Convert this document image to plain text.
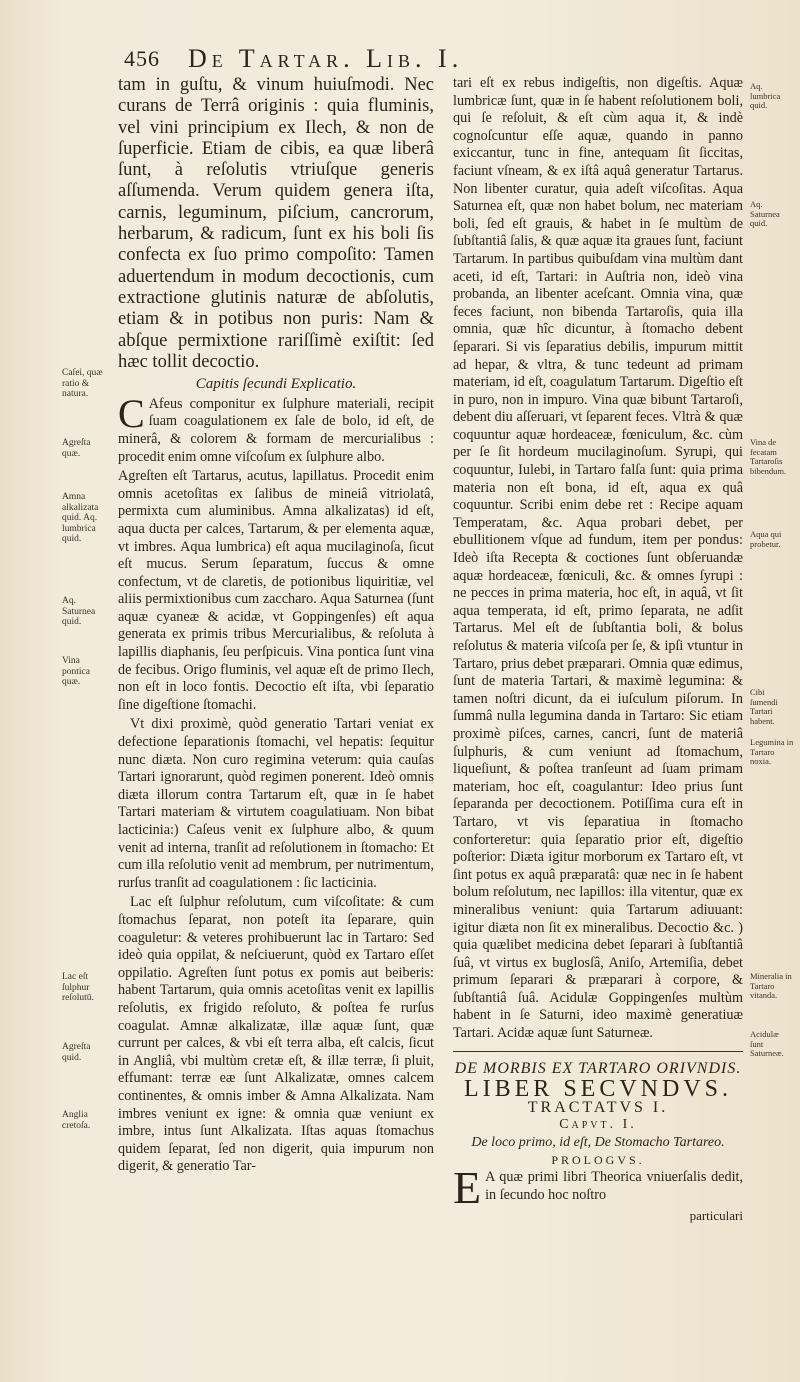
456 De Tartar. Lib. I.

tam in guſtu, & vinum huiuſmodi. Nec curans de Terrâ originis : quia fluminis, vel vini principium ex Ilech, & non de ſuperficie. Etiam de cibis, ea quæ liberâ ſunt, à reſolutis vtriuſque generis aſſumenda. Verum quidem genera iſta, carnis, leguminum, piſcium, cancrorum, herbarum, & radicum, ſunt ex his boli ſis confecta ex ſuo primo compoſito: Tamen aduertendum in modum decoctionis, cum extractione glutinis naturæ de abſolutis, etiam & in potibus non puris: Nam & abſque permixtione rariſſimè exiſtit: ſed hæc tollit decoctio.

Capitis ſecundi Explicatio.

C Afeus componitur ex ſulphure materiali, recipit ſuam coagulationem ex ſale de bolo, id eſt, de minerâ, & colorem & formam de mercurialibus : procedit enim omne viſcoſum ex ſulphure albo.

Agreſten eſt Tartarus, acutus, lapillatus. Procedit enim omnis acetoſitas ex ſalibus de mineiâ vitriolatâ, permixta cum aluminibus. Amna alkalizatas) id eſt, aqua ducta per calces, Tartarum, & per elementa aquæ, vt imbres. Aqua lumbrica) eſt aqua mucilaginoſa, ſicut eſt mucus. Serum ſeparatum, ſuccus & omne confectum, vt de claretis, de potionibus liquiritiæ, vel aliis permixtionibus cum zaccharo. Aqua Saturnea (ſunt aquæ cyaneæ & acidæ, vt Goppingenſes) eſt aqua generata ex primis tribus Mercurialibus, & reſoluta à lapillis diaphanis, ſeu perſpicuis. Vina pontica ſunt vina de fecibus. Origo fluminis, vel aquæ eſt de primo Ilech, non eſt in loco fontis. Decoctio eſt iſta, vbi ſeparatio ſine digeſtione ſtomachi.

Vt dixi proximè, quòd generatio Tartari veniat ex defectione ſeparationis ſtomachi, vel hepatis: ſequitur nunc diæta. Non curo regimina veterum: quia cauſas Tartari ignorarunt, quòd regimen ponerent. Ideò omnis diæta illorum contra Tartarum eſt, quæ in ſe habet Tartari materiam & virtutem coagulatiuam. Non bibat lacticinia:) Caſeus venit ex ſulphure albo, & quum venit ad interna, tranſit ad reſolutionem in ſtomacho: Et cum illa reſolutio venit ad membrum, per nutrimentum, rurſus tranſit ad coagulationem : ſic lacticinia.

Lac eſt ſulphur reſolutum, cum viſcoſitate: & cum ſtomachus ſeparat, non poteſt ita ſeparare, quin coaguletur: & veteres prohibuerunt lac in Tartaro: Sed ideò quia oppilat, & neſciuerunt, quòd ex Tartaro eſſet oppilatio. Agreſten ſunt potus ex pomis aut beiberis: habent Tartarum, quia omnis acetoſitas venit ex lapillis reſolutis, ex frigido reſoluto, & poſtea fe rurſus coagulat. Amnæ alkalizatæ, illæ aquæ ſunt, quæ currunt per calces, & vbi eſt terra alba, eſt calcis, ſicut in Angliâ, vbi multùm cretæ eſt, & illæ terræ, ſi pluit, effumant: terræ eæ ſunt Alkalizatæ, omnes calcem continentes, & omnis imber & Amna Alkalizata. Nam imbres veniunt ex igne: & omnia quæ veniunt ex imbre, intus ſunt Alkalizata. Iſtas aquas ſtomachus quidem ſeparat, ſed non digerit, quia impurum non digerit, & generatio Tar-

Caſei, quæ ratio & natura.
Agreſta quæ.
Amna alkalizata quid. Aq. lumbrica quid.
Aq. Saturnea quid.
Vina pontica quæ.
Lac eſt ſulphur reſolutū.
Agreſta quid.
Anglia cretoſa.

tari eſt ex rebus indigeſtis, non digeſtis. Aquæ lumbricæ ſunt, quæ in ſe habent reſolutionem boli, qui ſe reſoluit, & eſt cùm aqua it, & indè cognoſcuntur eſſe aquæ, quando in panno exiccantur, tunc in fine, antequam ſit ſiccitas, faciunt vſneam, & ex iſtâ aquâ generatur Tartarus. Non libenter curatur, quia adeſt viſcoſitas. Aqua Saturnea eſt, quæ non habet bolum, nec materiam boli, ſed eſt grauis, & habet in ſe multùm de ſubſtantiâ ſalis, & quæ aquæ ita graues ſunt, faciunt Tartarum. In partibus quibuſdam vina multùm dant aceti, id eſt, Tartari: in Auſtria non, ideò vina probanda, an libenter aceſcant. Omnia vina, quæ feces faciunt, non bibenda Tartaroſis, quia illa omnia, quæ hîc dicuntur, à ſtomacho debent ſeparari. Si vis ſeparatius debilis, impurum mittit ad hepar, & vltra, & tunc tedeunt ad primam materiam, id eſt, coagulatum Tartarum. Digeſtio eſt in puro, non in impuro. Vina quæ bibunt Tartaroſi, debent diu aſſeruari, vt ſeparent feces. Vltrà & quæ coquuntur aquæ hordeaceæ, fœniculum, &c. cùm per ſe ſit hordeum mucilaginoſum. Syrupi, qui coquuntur, Iulebi, in Tartaro falſa ſunt: quia prima materia non eſt bona, id eſt, aqua ex quâ coquuntur. Scribi enim debe ret : Recipe aquam Temperatam, &c. Aqua probari debet, per ebullitionem vſque ad fundum, item per pondus: Ideò iſta Recepta & coctiones ſunt obſeruandæ aquæ hordeaceæ, fœniculi, &c. & omnes ſyrupi : ne pecces in prima materia, hoc eſt, in aquâ, vt ſit aqua temperata, id eſt, primo ſeparata, ne adſit Tartarus. Mel eſt de ſubſtantia boli, & bolus reſolutus & materia viſcoſa per ſe, & ipſi vtuntur in Tartaro, prius debet præparari. Omnia quæ edimus, ſunt de materia Tartari, & maximè legumina: & tamen noſtri dicunt, da ei iuſculum piſorum. In ſummâ nulla legumina danda in Tartaro: Sic etiam proximè piſces, carnes, cancri, ſunt de materiâ ſulphuris, & cum veniunt ad ſtomachum, liqueſiunt, & poſtea tranſeunt ad ſuam primam materiam, hoc eſt, coagulantur: Ideo prius ſunt ſeparanda per decoctionem. Potiſſima cura eſt in Tartaro, vt vis ſeparatiua in ſtomacho conforteretur: quia ſeparatio prior eſt, digeſtio poſterior: Diæta igitur morborum ex Tartaro eſt, vt ſint potus ex aquâ præparatâ: quæ nec in ſe habent bolum reſolutum, nec lapillos: illa vitentur, quæ ex mineralibus veniunt: quia Tartarum adiuuant: igitur diæta non ſit ex mineralibus. Decoctio &c. ) quia quælibet medicina debet ſeparari à ſubſtantiâ ſuâ, vt virtus ex buglosſâ, Aniſo, Artemiſia, debet primum ſeparari & præparari à corpore, & ſubſtantiâ ſuâ. Acidulæ Goppingenſes multùm habent in ſe Saturni, ideo maximè generatiuæ Tartari. Acidæ aquæ ſunt Saturneæ.

DE MORBIS EX TARTARO ORIVNDIS.
LIBER SECVNDVS.
TRACTATVS I.
Capvt. I.
De loco primo, id eſt, De Stomacho Tartareo.
PROLOGVS.

E A quæ primi libri Theorica vniuerſalis dedit, in ſecundo hoc noſtro

particulari
Aq. lumbrica quid.
Aq. Saturnea quid.
Vina de fecatam Tartaroſis bibendum.
Aqua qui probetur.
Cibi ſumendi Tartari habent.
Legumina in Tartaro noxia.
Mineralia in Tartaro vitanda.
Acidulæ ſunt Saturneæ.
